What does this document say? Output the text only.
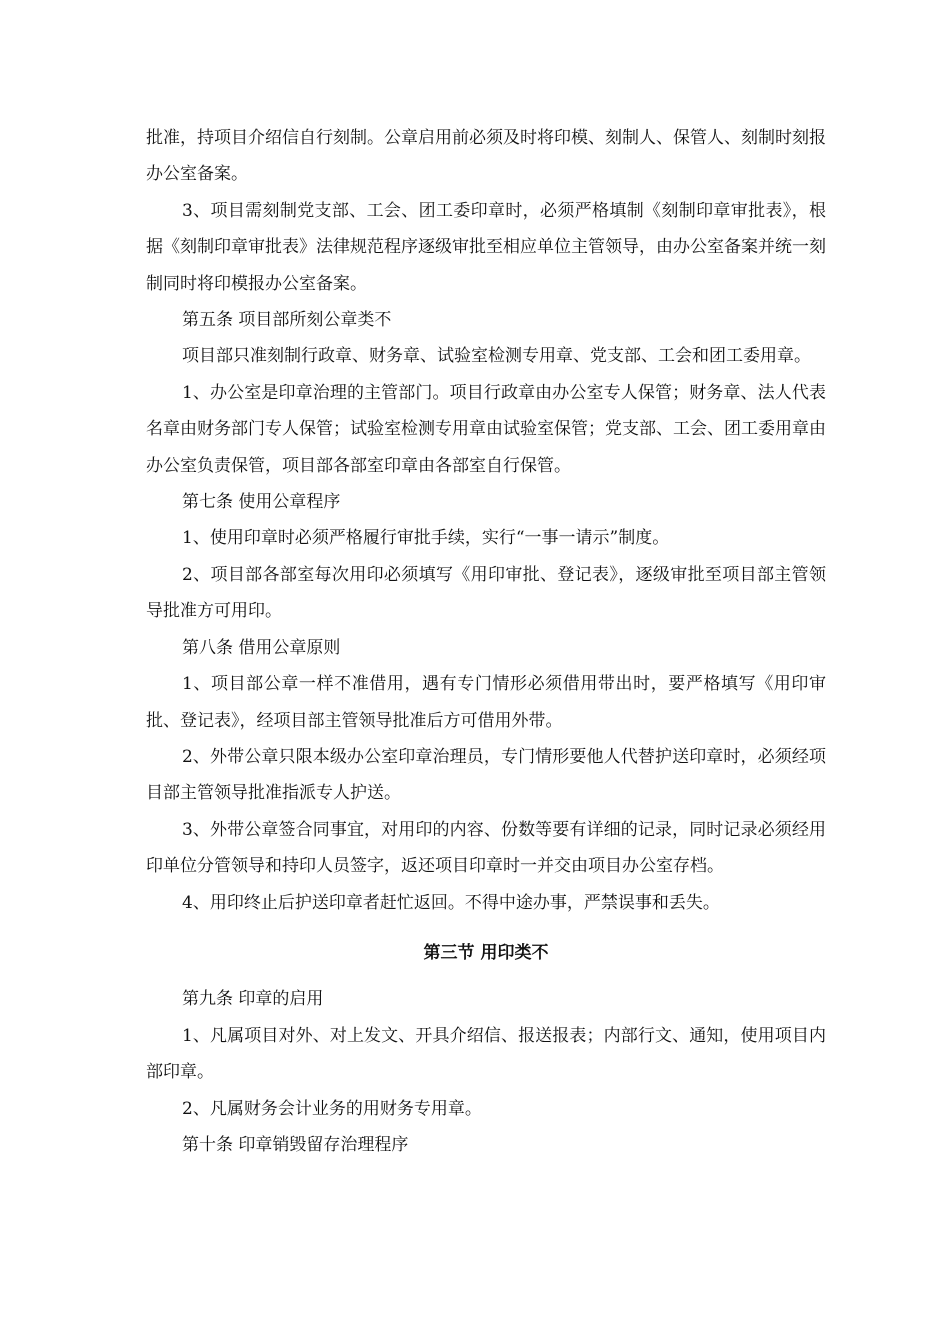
批准，持项目介绍信自行刻制。公章启用前必须及时将印模、刻制人、保管人、刻制时刻报办公室备案。

3、项目需刻制党支部、工会、团工委印章时，必须严格填制《刻制印章审批表》，根据《刻制印章审批表》法律规范程序逐级审批至相应单位主管领导，由办公室备案并统一刻制同时将印模报办公室备案。

第五条 项目部所刻公章类不

项目部只准刻制行政章、财务章、试验室检测专用章、党支部、工会和团工委用章。

1、办公室是印章治理的主管部门。项目行政章由办公室专人保管；财务章、法人代表名章由财务部门专人保管；试验室检测专用章由试验室保管；党支部、工会、团工委用章由办公室负责保管，项目部各部室印章由各部室自行保管。

第七条 使用公章程序

1、使用印章时必须严格履行审批手续，实行“一事一请示”制度。

2、项目部各部室每次用印必须填写《用印审批、登记表》，逐级审批至项目部主管领导批准方可用印。

第八条 借用公章原则

1、项目部公章一样不准借用，遇有专门情形必须借用带出时，要严格填写《用印审批、登记表》，经项目部主管领导批准后方可借用外带。

2、外带公章只限本级办公室印章治理员，专门情形要他人代替护送印章时，必须经项目部主管领导批准指派专人护送。

3、外带公章签合同事宜，对用印的内容、份数等要有详细的记录，同时记录必须经用印单位分管领导和持印人员签字，返还项目印章时一并交由项目办公室存档。

4、用印终止后护送印章者赶忙返回。不得中途办事，严禁误事和丢失。

第三节 用印类不

第九条 印章的启用

1、凡属项目对外、对上发文、开具介绍信、报送报表；内部行文、通知，使用项目内部印章。

2、凡属财务会计业务的用财务专用章。

第十条 印章销毁留存治理程序
